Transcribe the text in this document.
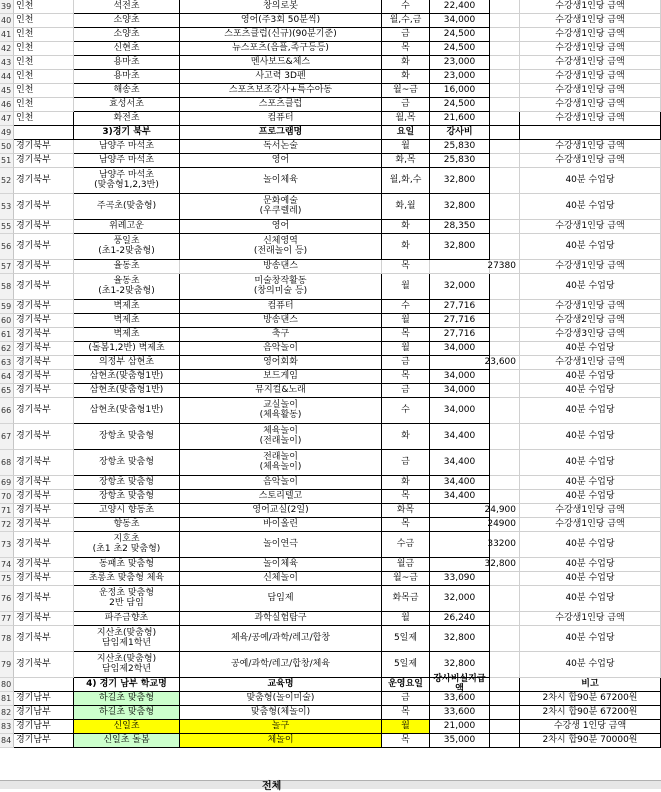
39 인천	석전초	창의로봇	수	22,400	수강생1인당 금액
40 인천	소양초	영어(주3회 50분씩)	월,수,금	34,000	수강생1인당 금액
41 인천	소양초	스포츠클럽(신규)(90분기준)	금	24,500	수강생1인당 금액
42 인천	신현초	뉴스포츠(음플,족구등등)	목	24,500	수강생1인당 금액
43 인천	용마초	멘사보드&체스	화	23,000	수강생1인당 금액
44 인천	용마초	사고력 3D펜	화	23,000	수강생1인당 금액
45 인천	해송초	스포츠보조강사+특수아동	월~금	16,000	수강생1인당 금액
46 인천	효성서초	스포츠클럽	금	24,500	수강생1인당 금액
47 인천	화전초	컴퓨터	월,목	21,600	수강생1인당 금액
49	3)경기 북부	프로그램명	요일	강사비
50 경기북부	남양주 마석초	독서논술	월	25,830	수강생1인당 금액
51 경기북부	남양주 마석초	영어	화,목	25,830	수강생1인당 금액
52 경기북부	남양주 마석초
(맞춤형1,2,3반)	놀이체육	월,화,수	32,800	40분 수업당
53 경기북부	주곡초(맞춤형)	문화예술
(우쿠렐레)	화,월	32,800	40분 수업당
55 경기북부	위례고운	영어	화	28,350	수강생1인당 금액
56 경기북부	풍일초
(초1-2맞춤형)
신체영역
(전래놀이 등)	화	32,800	40분 수업당
57 경기북부	율동초	방송댄스	목	27380	수강생1인당 금액
58 경기북부	율동초
(초1-2맞춤형)
미술창작활동
(창의미술 등)	월	32,000	40분 수업당
59 경기북부	벽제초	컴퓨터	수	27,716	수강생1인당 금액
60 경기북부	벽제초	방송댄스	월	27,716	수강생2인당 금액
61 경기북부	벽제초	축구	목	27,716	수강생3인당 금액
62 경기북부	(돌봄1,2반) 벽제초	음악놀이	월	34,000	40분 수업당
63 경기북부	의정부 삼현초	영어회화	금	23,600	수강생1인당 금액
64 경기북부	삼현초(맞춤형1반)	보드게임	목	34,000	40분 수업당
65 경기북부	삼현초(맞춤형1반)	뮤지컬&노래	금	34,000	40분 수업당
66 경기북부	삼현초(맞춤형1반)	교실놀이
(체육활동)	수	34,000	40분 수업당
67 경기북부	장항초 맞춤형	체육놀이
(전래놀이)	화	34,400	40분 수업당
68 경기북부	장항초 맞춤형	전래놀이
(체육놀이)	금	34,400	40분 수업당
69 경기북부	장항초 맞춤형	음악놀이	화	34,400	40분 수업당
70 경기북부	장항초 맞춤형	스토리텔고	목	34,400	40분 수업당
71 경기북부	고양시 향동초	영어교실(2일)	화목	24,900	수강생1인당 금액
72 경기북부	향동초	바이올린	목	24900	수강생1인당 금액
73 경기북부	지호초
(초1 초2 맞춤형)	놀이연극	수금	33200	40분 수업당
74 경기북부	동패초 맞춤형	놀이체육	월금	32,800	40분 수업당
75 경기북부	초롱초 맞춤형 체육	신체놀이	월~금	33,090	40분 수업당
76 경기북부	운정초 맞춤형
2반 담임	담임제	화목금	32,000	40분 수업당
77 경기북부	파주금향초	과학실험탐구	월	26,240	수강생1인당 금액
78 경기북부	지산초(맞춤형)
담임제1학년	체육/공예/과학/레고/합창	5일제	32,800	40분 수업당
79 경기북부	지산초(맞춤형)
담임제2학년	공예/과학/레고/합창/체육	5일제	32,800	40분 수업당
80	4) 경기 남부 학교명	교육명	운영요일	강사비실지급액	비고
81 경기남부	하길초 맞춤형	맞춤형(놀이미술)	금	33,600	2차시 합90분 67200원
82 경기남부	하길초 맞춤형	맞춤형(체놀이)	목	33,600	2차시 합90분 67200원
83 경기남부	신일초	놀구	월	21,000	수강생 1인당 금액
84 경기남부	신일초 돌봄	체놀이	목	35,000	2차시 합90분 70000원
전체
